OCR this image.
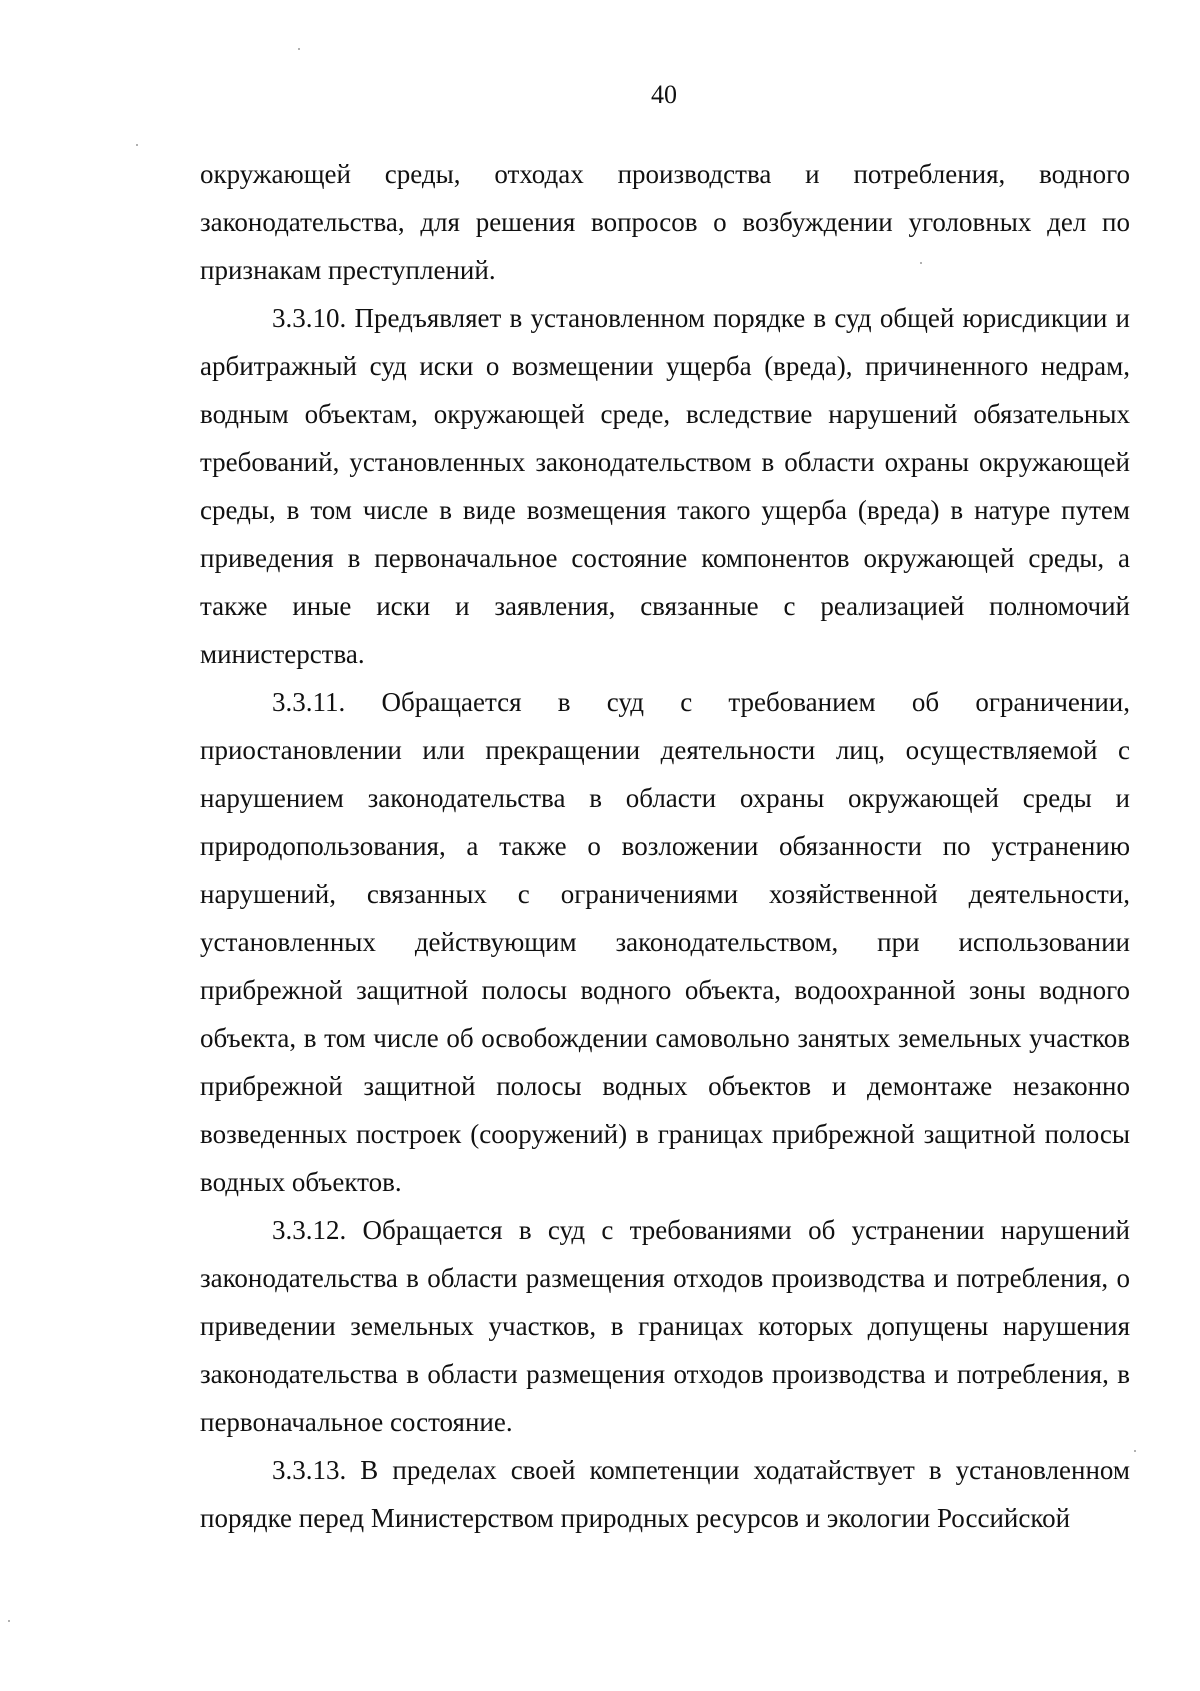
40

окружающей среды, отходах производства и потребления, водного законодательства, для решения вопросов о возбуждении уголовных дел по признакам преступлений.

3.3.10. Предъявляет в установленном порядке в суд общей юрисдикции и арбитражный суд иски о возмещении ущерба (вреда), причиненного недрам, водным объектам, окружающей среде, вследствие нарушений обязательных требований, установленных законодательством в области охраны окружающей среды, в том числе в виде возмещения такого ущерба (вреда) в натуре путем приведения в первоначальное состояние компонентов окружающей среды, а также иные иски и заявления, связанные с реализацией полномочий министерства.

3.3.11. Обращается в суд с требованием об ограничении, приостановлении или прекращении деятельности лиц, осуществляемой с нарушением законодательства в области охраны окружающей среды и природопользования, а также о возложении обязанности по устранению нарушений, связанных с ограничениями хозяйственной деятельности, установленных действующим законодательством, при использовании прибрежной защитной полосы водного объекта, водоохранной зоны водного объекта, в том числе об освобождении самовольно занятых земельных участков прибрежной защитной полосы водных объектов и демонтаже незаконно возведенных построек (сооружений) в границах прибрежной защитной полосы водных объектов.

3.3.12. Обращается в суд с требованиями об устранении нарушений законодательства в области размещения отходов производства и потребления, о приведении земельных участков, в границах которых допущены нарушения законодательства в области размещения отходов производства и потребления, в первоначальное состояние.

3.3.13. В пределах своей компетенции ходатайствует в установленном порядке перед Министерством природных ресурсов и экологии Российской
